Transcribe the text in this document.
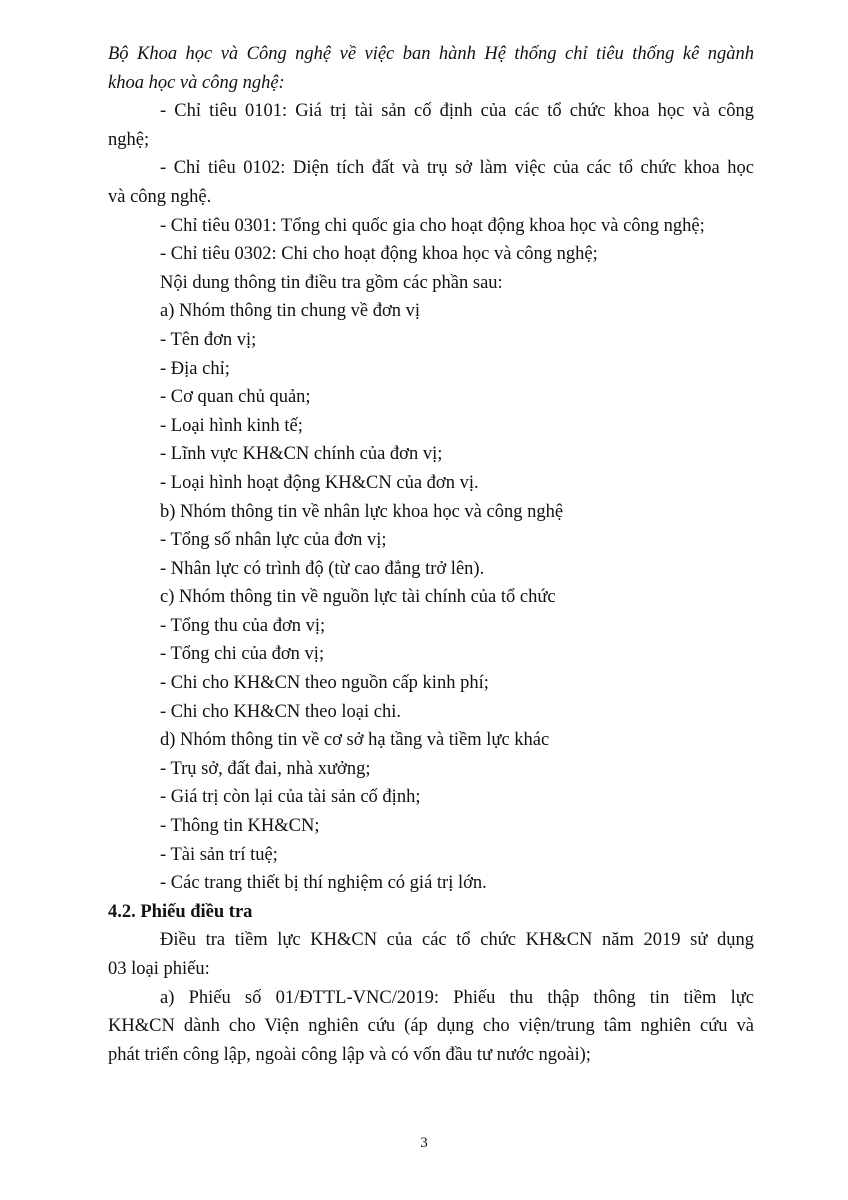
Bộ Khoa học và Công nghệ về việc ban hành Hệ thống chỉ tiêu thống kê ngành
khoa học và công nghệ:
- Chỉ tiêu 0101: Giá trị tài sản cố định của các tổ chức khoa học và công
nghệ;
- Chỉ tiêu 0102: Diện tích đất và trụ sở làm việc của các tổ chức khoa học
và công nghệ.
- Chỉ tiêu 0301: Tổng chi quốc gia cho hoạt động khoa học và công nghệ;
- Chỉ tiêu 0302: Chi cho hoạt động khoa học và công nghệ;
Nội dung thông tin điều tra gồm các phần sau:
a) Nhóm thông tin chung về đơn vị
- Tên đơn vị;
- Địa chỉ;
- Cơ quan chủ quản;
- Loại hình kinh tế;
- Lĩnh vực KH&CN chính của đơn vị;
- Loại hình hoạt động KH&CN của đơn vị.
b) Nhóm thông tin về nhân lực khoa học và công nghệ
- Tổng số nhân lực của đơn vị;
- Nhân lực có trình độ (từ cao đẳng trở lên).
c) Nhóm thông tin về nguồn lực tài chính của tổ chức
- Tổng thu của đơn vị;
- Tổng chi của đơn vị;
- Chi cho KH&CN theo nguồn cấp kinh phí;
- Chi cho KH&CN theo loại chi.
d) Nhóm thông tin về cơ sở hạ tầng và tiềm lực khác
- Trụ sở, đất đai, nhà xưởng;
- Giá trị còn lại của tài sản cố định;
- Thông tin KH&CN;
- Tài sản trí tuệ;
- Các trang thiết bị thí nghiệm có giá trị lớn.
4.2. Phiếu điều tra
Điều tra tiềm lực KH&CN của các tổ chức KH&CN năm 2019 sử dụng
03 loại phiếu:
a) Phiếu số 01/ĐTTL-VNC/2019: Phiếu thu thập thông tin tiềm lực
KH&CN dành cho Viện nghiên cứu (áp dụng cho viện/trung tâm nghiên cứu và
phát triển công lập, ngoài công lập và có vốn đầu tư nước ngoài);
3
